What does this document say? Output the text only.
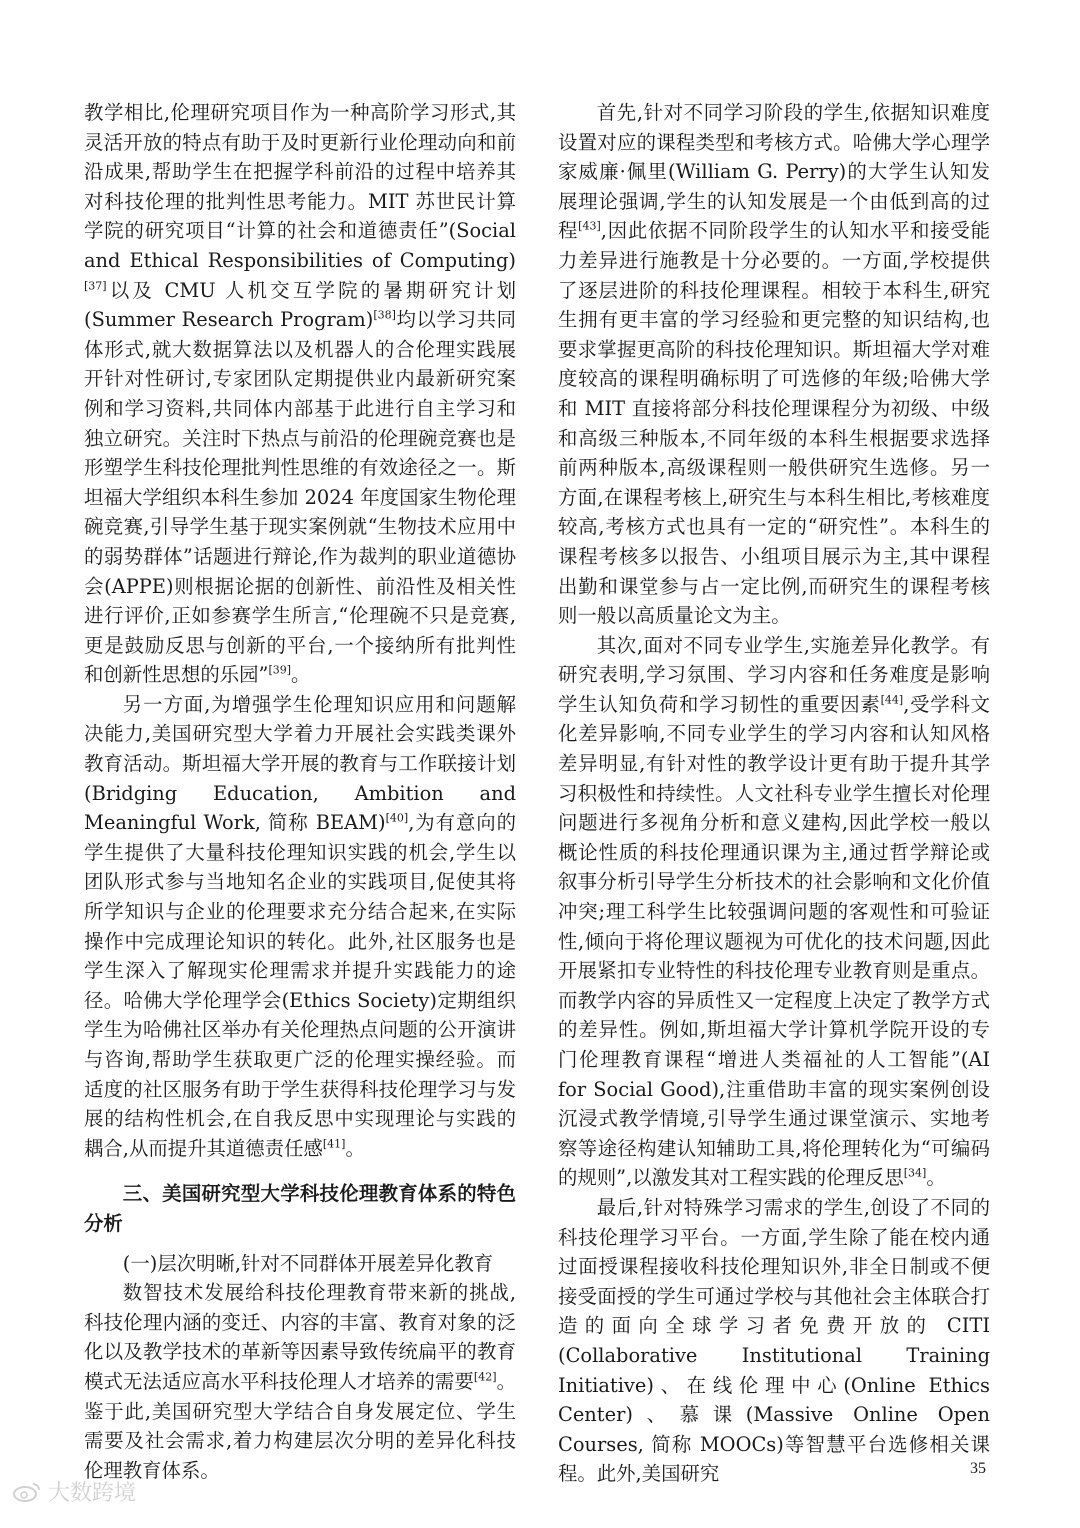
教学相比,伦理研究项目作为一种高阶学习形式,其灵活开放的特点有助于及时更新行业伦理动向和前沿成果,帮助学生在把握学科前沿的过程中培养其对科技伦理的批判性思考能力。MIT 苏世民计算学院的研究项目“计算的社会和道德责任”(Social and Ethical Responsibilities of Computing)[37]以及 CMU 人机交互学院的暑期研究计划(Summer Research Program)[38]均以学习共同体形式,就大数据算法以及机器人的合伦理实践展开针对性研讨,专家团队定期提供业内最新研究案例和学习资料,共同体内部基于此进行自主学习和独立研究。关注时下热点与前沿的伦理碗竞赛也是形塑学生科技伦理批判性思维的有效途径之一。斯坦福大学组织本科生参加 2024 年度国家生物伦理碗竞赛,引导学生基于现实案例就“生物技术应用中的弱势群体”话题进行辩论,作为裁判的职业道德协会(APPE)则根据论据的创新性、前沿性及相关性进行评价,正如参赛学生所言,“伦理碗不只是竞赛,更是鼓励反思与创新的平台,一个接纳所有批判性和创新性思想的乐园”[39]。

另一方面,为增强学生伦理知识应用和问题解决能力,美国研究型大学着力开展社会实践类课外教育活动。斯坦福大学开展的教育与工作联接计划(Bridging Education, Ambition and Meaningful Work, 简称 BEAM)[40],为有意向的学生提供了大量科技伦理知识实践的机会,学生以团队形式参与当地知名企业的实践项目,促使其将所学知识与企业的伦理要求充分结合起来,在实际操作中完成理论知识的转化。此外,社区服务也是学生深入了解现实伦理需求并提升实践能力的途径。哈佛大学伦理学会(Ethics Society)定期组织学生为哈佛社区举办有关伦理热点问题的公开演讲与咨询,帮助学生获取更广泛的伦理实操经验。而适度的社区服务有助于学生获得科技伦理学习与发展的结构性机会,在自我反思中实现理论与实践的耦合,从而提升其道德责任感[41]。

三、美国研究型大学科技伦理教育体系的特色分析

(一)层次明晰,针对不同群体开展差异化教育

数智技术发展给科技伦理教育带来新的挑战,科技伦理内涵的变迁、内容的丰富、教育对象的泛化以及教学技术的革新等因素导致传统扁平的教育模式无法适应高水平科技伦理人才培养的需要[42]。鉴于此,美国研究型大学结合自身发展定位、学生需要及社会需求,着力构建层次分明的差异化科技伦理教育体系。

首先,针对不同学习阶段的学生,依据知识难度设置对应的课程类型和考核方式。哈佛大学心理学家威廉·佩里(William G. Perry)的大学生认知发展理论强调,学生的认知发展是一个由低到高的过程[43],因此依据不同阶段学生的认知水平和接受能力差异进行施教是十分必要的。一方面,学校提供了逐层进阶的科技伦理课程。相较于本科生,研究生拥有更丰富的学习经验和更完整的知识结构,也要求掌握更高阶的科技伦理知识。斯坦福大学对难度较高的课程明确标明了可选修的年级;哈佛大学和 MIT 直接将部分科技伦理课程分为初级、中级和高级三种版本,不同年级的本科生根据要求选择前两种版本,高级课程则一般供研究生选修。另一方面,在课程考核上,研究生与本科生相比,考核难度较高,考核方式也具有一定的“研究性”。本科生的课程考核多以报告、小组项目展示为主,其中课程出勤和课堂参与占一定比例,而研究生的课程考核则一般以高质量论文为主。

其次,面对不同专业学生,实施差异化教学。有研究表明,学习氛围、学习内容和任务难度是影响学生认知负荷和学习韧性的重要因素[44],受学科文化差异影响,不同专业学生的学习内容和认知风格差异明显,有针对性的教学设计更有助于提升其学习积极性和持续性。人文社科专业学生擅长对伦理问题进行多视角分析和意义建构,因此学校一般以概论性质的科技伦理通识课为主,通过哲学辩论或叙事分析引导学生分析技术的社会影响和文化价值冲突;理工科学生比较强调问题的客观性和可验证性,倾向于将伦理议题视为可优化的技术问题,因此开展紧扣专业特性的科技伦理专业教育则是重点。而教学内容的异质性又一定程度上决定了教学方式的差异性。例如,斯坦福大学计算机学院开设的专门伦理教育课程“增进人类福祉的人工智能”(AI for Social Good),注重借助丰富的现实案例创设沉浸式教学情境,引导学生通过课堂演示、实地考察等途径构建认知辅助工具,将伦理转化为“可编码的规则”,以激发其对工程实践的伦理反思[34]。

最后,针对特殊学习需求的学生,创设了不同的科技伦理学习平台。一方面,学生除了能在校内通过面授课程接收科技伦理知识外,非全日制或不便接受面授的学生可通过学校与其他社会主体联合打造的面向全球学习者免费开放的 CITI (Collaborative Institutional Training Initiative)、在线伦理中心(Online Ethics Center)、慕课(Massive Online Open Courses, 简称 MOOCs)等智慧平台选修相关课程。此外,美国研究	35
大数跨境
